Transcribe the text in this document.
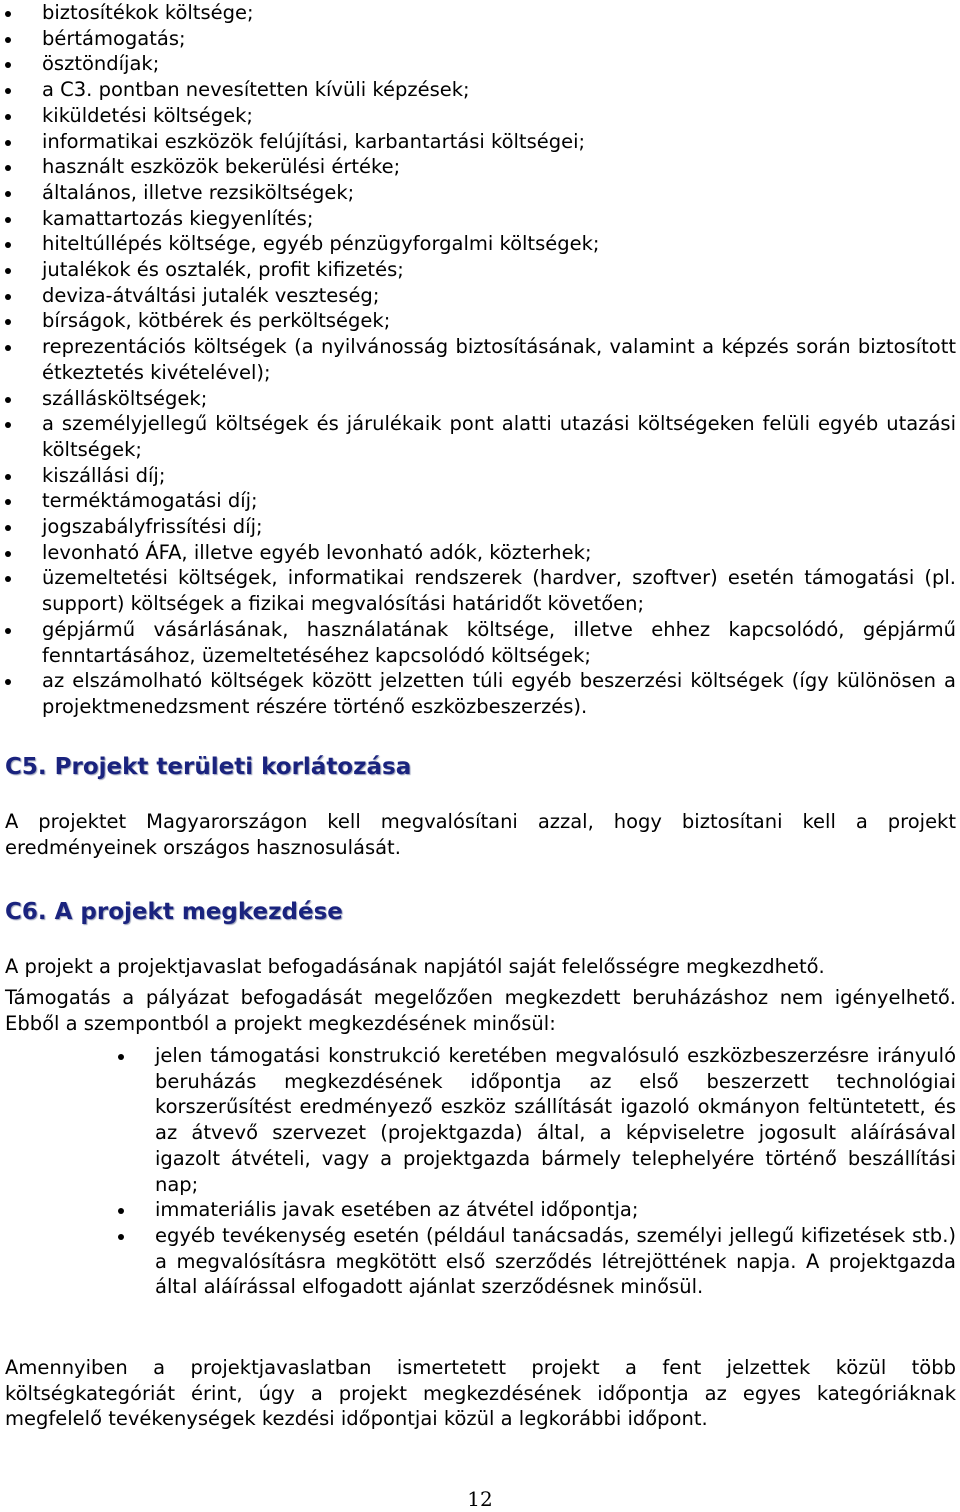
biztosítékok költsége;
bértámogatás;
ösztöndíjak;
a C3. pontban nevesítetten kívüli képzések;
kiküldetési költségek;
informatikai eszközök felújítási, karbantartási költségei;
használt eszközök bekerülési értéke;
általános, illetve rezsiköltségek;
kamattartozás kiegyenlítés;
hiteltúllépés költsége, egyéb pénzügyforgalmi költségek;
jutalékok és osztalék, profit kifizetés;
deviza-átváltási jutalék veszteség;
bírságok, kötbérek és perköltségek;
reprezentációs költségek (a nyilvánosság biztosításának, valamint a képzés során biztosított étkeztetés kivételével);
szállásköltségek;
a személyjellegű költségek és járulékaik pont alatti utazási költségeken felüli egyéb utazási költségek;
kiszállási díj;
terméktámogatási díj;
jogszabályfrissítési díj;
levonható ÁFA, illetve egyéb levonható adók, közterhek;
üzemeltetési költségek, informatikai rendszerek (hardver, szoftver) esetén támogatási (pl. support) költségek a fizikai megvalósítási határidőt követően;
gépjármű vásárlásának, használatának költsége, illetve ehhez kapcsolódó, gépjármű fenntartásához, üzemeltetéséhez kapcsolódó költségek;
az elszámolható költségek között jelzetten túli egyéb beszerzési költségek (így különösen a projektmenedzsment részére történő eszközbeszerzés).
C5. Projekt területi korlátozása

A projektet Magyarországon kell megvalósítani azzal, hogy biztosítani kell a projekt eredményeinek országos hasznosulását.

C6. A projekt megkezdése

A projekt a projektjavaslat befogadásának napjától saját felelősségre megkezdhető.

Támogatás a pályázat befogadását megelőzően megkezdett beruházáshoz nem igényelhető. Ebből a szempontból a projekt megkezdésének minősül:

jelen támogatási konstrukció keretében megvalósuló eszközbeszerzésre irányuló beruházás megkezdésének időpontja az első beszerzett technológiai korszerűsítést eredményező eszköz szállítását igazoló okmányon feltüntetett, és az átvevő szervezet (projektgazda) által, a képviseletre jogosult aláírásával igazolt átvételi, vagy a projektgazda bármely telephelyére történő beszállítási nap;
immateriális javak esetében az átvétel időpontja;
egyéb tevékenység esetén (például tanácsadás, személyi jellegű kifizetések stb.) a megvalósításra megkötött első szerződés létrejöttének napja. A projektgazda által aláírással elfogadott ajánlat szerződésnek minősül.

Amennyiben a projektjavaslatban ismertetett projekt a fent jelzettek közül több költségkategóriát érint, úgy a projekt megkezdésének időpontja az egyes kategóriáknak megfelelő tevékenységek kezdési időpontjai közül a legkorábbi időpont.

12
